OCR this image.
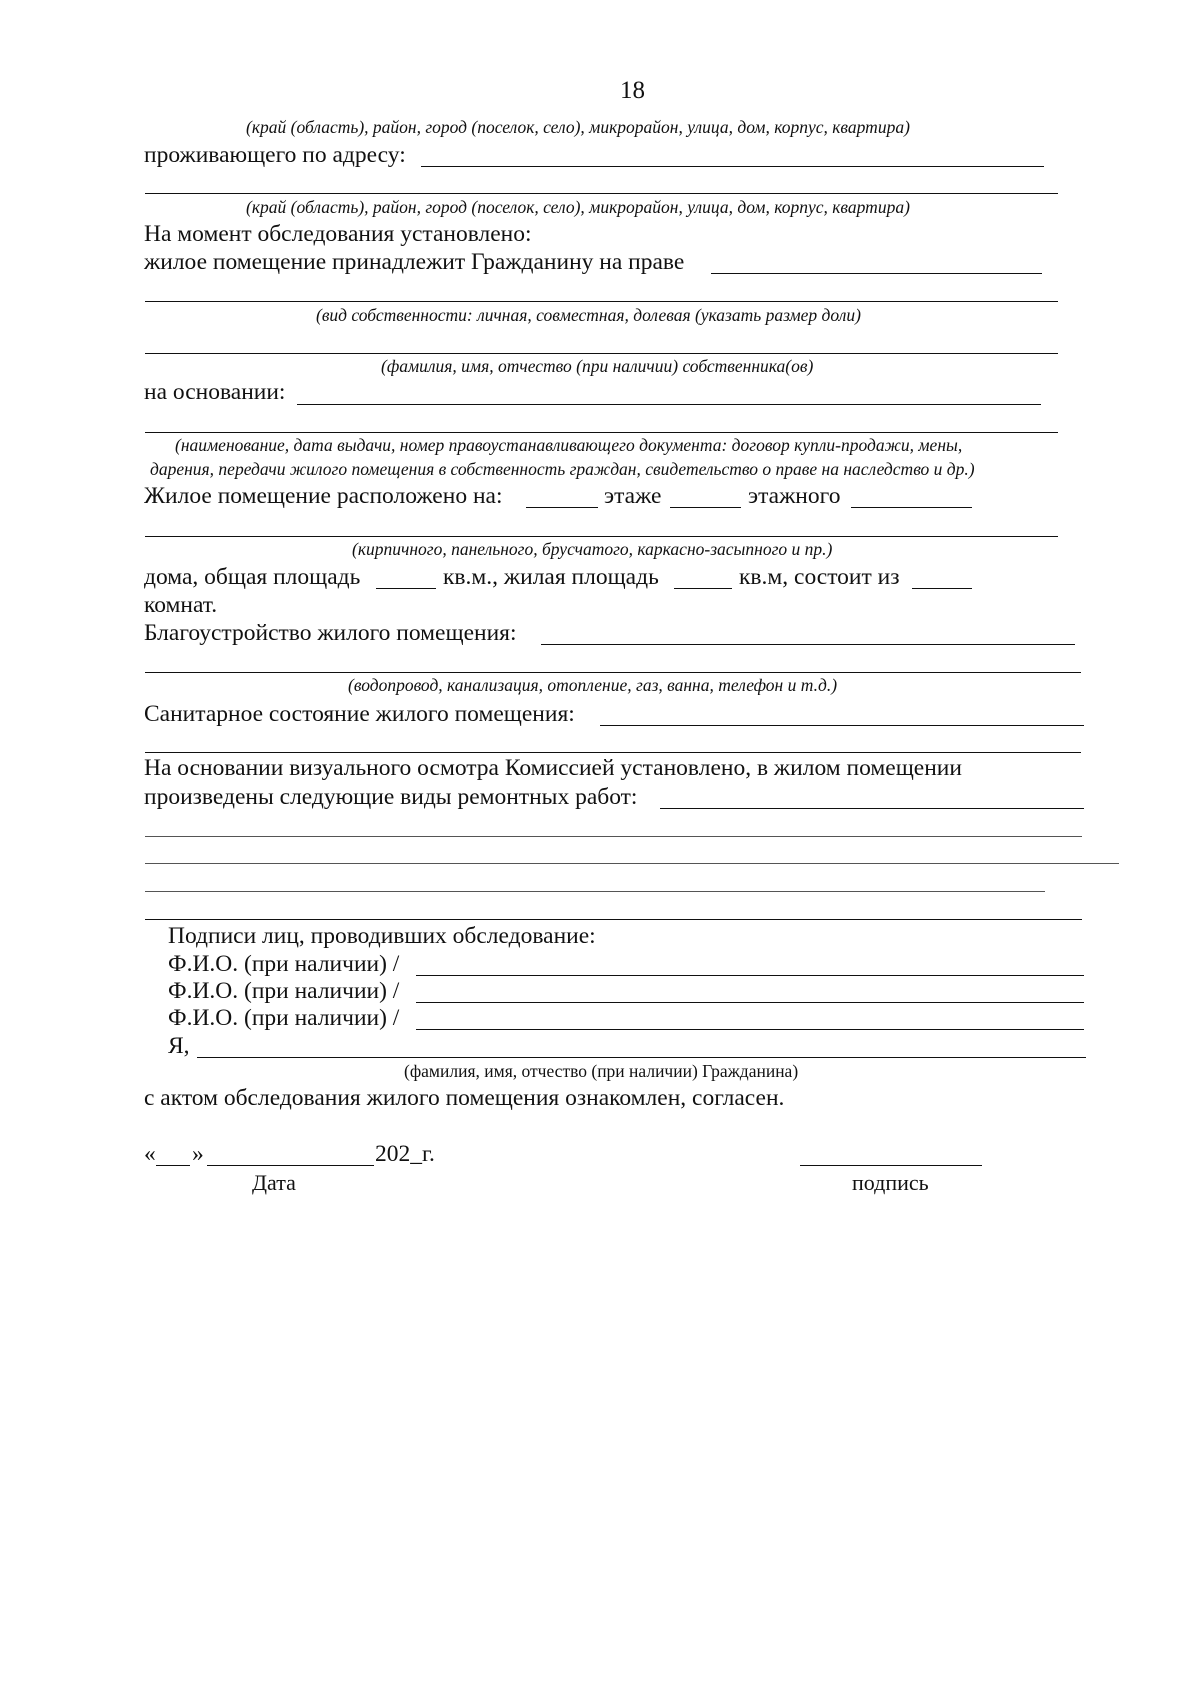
18
(край (область), район, город (поселок, село), микрорайон, улица, дом, корпус, квартира)
проживающего по адресу:
(край (область), район, город (поселок, село), микрорайон, улица, дом, корпус, квартира)
На момент обследования установлено:
жилое помещение принадлежит Гражданину на праве
(вид собственности: личная, совместная, долевая (указать размер доли)
(фамилия, имя, отчество (при наличии) собственника(ов)
на основании:
(наименование, дата выдачи, номер правоустанавливающего документа: договор купли-продажи, мены,
дарения, передачи жилого помещения в собственность граждан, свидетельство о праве на наследство и др.)
Жилое помещение расположено на:	этаже	этажного
(кирпичного, панельного, брусчатого, каркасно-засыпного и пр.)
дома, общая площадь	кв.м., жилая площадь	кв.м, состоит из
комнат.
Благоустройство жилого помещения:
(водопровод, канализация, отопление, газ, ванна, телефон и т.д.)
Санитарное состояние жилого помещения:
На основании визуального осмотра Комиссией установлено, в жилом помещении
произведены следующие виды ремонтных работ:
Подписи лиц, проводивших обследование:
Ф.И.О. (при наличии) /
Ф.И.О. (при наличии) /
Ф.И.О. (при наличии) /
Я,
(фамилия, имя, отчество (при наличии) Гражданина)
с актом обследования жилого помещения ознакомлен, согласен.
« »	202_г.
Дата	подпись
